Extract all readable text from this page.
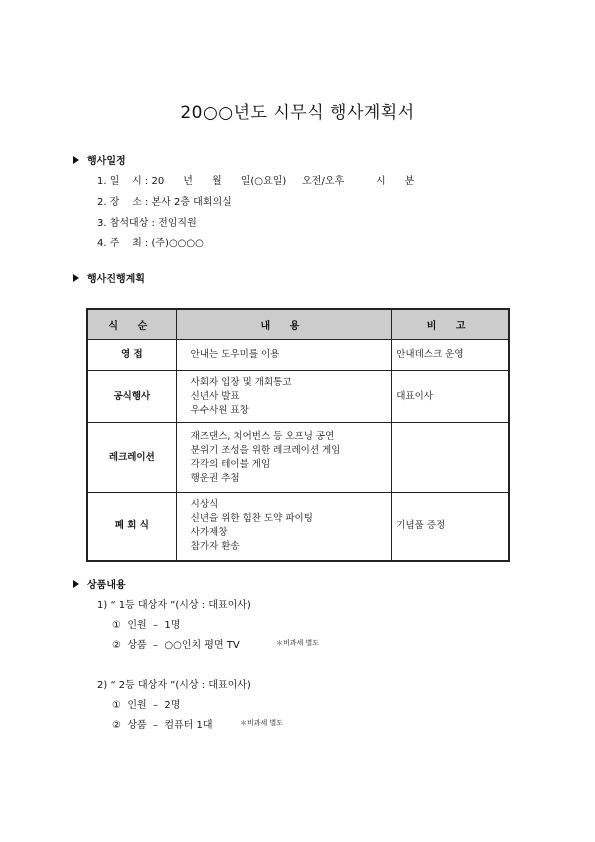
20○○년도 시무식 행사계획서
행사일정
1. 일    시 : 20      년      월      일(○요일)     오전/오후          시      분
2. 장    소 : 본사 2층 대회의실
3. 참석대상 : 전임직원
4. 주    최 : (주)○○○○
행사진행계획
식 순	내 용	비 고
영 접	안내는 도우미를 이용	안내데스크 운영
공식행사	사회자 입장 및 개회통고
신년사 발표
우수사원 표창	대표이사
레크레이션	재즈댄스, 치어번스 등 오프닝 공연
분위기 조성을 위한 레크레이션 게임
각각의 테이블 게임
행운권 추첨	

폐 회 식	시상식
신년을 위한 힘찬 도약 파이팅
사가제창
참가자 환송	기념품 증정
상품내용
1) “ 1등 대상자 ”(시상 : 대표이사)
①  인원  –  1명
②  상품  –  ○○인치 평면 TV	＊비과세 별도
2) “ 2등 대상자 ”(시상 : 대표이사)
①  인원  –  2명
②  상품  –  컴퓨터 1대	＊비과세 별도
